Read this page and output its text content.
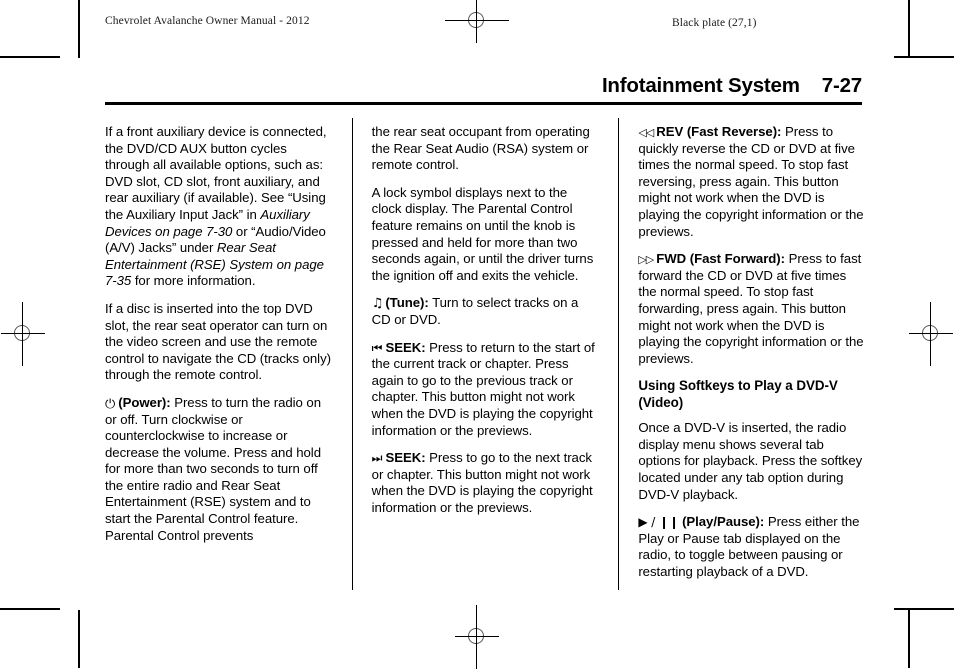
Chevrolet Avalanche Owner Manual - 2012	Black plate (27,1)
Infotainment System 7-27

If a front auxiliary device is connected, the DVD/CD AUX button cycles through all available options, such as: DVD slot, CD slot, front auxiliary, and rear auxiliary (if available). See “Using the Auxiliary Input Jack” in Auxiliary Devices on page 7-30 or “Audio/Video (A/V) Jacks” under Rear Seat Entertainment (RSE) System on page 7-35 for more information.

If a disc is inserted into the top DVD slot, the rear seat operator can turn on the video screen and use the remote control to navigate the CD (tracks only) through the remote control.

⏻ (Power): Press to turn the radio on or off. Turn clockwise or counterclockwise to increase or decrease the volume. Press and hold for more than two seconds to turn off the entire radio and Rear Seat Entertainment (RSE) system and to start the Parental Control feature. Parental Control prevents

the rear seat occupant from operating the Rear Seat Audio (RSA) system or remote control.

A lock symbol displays next to the clock display. The Parental Control feature remains on until the knob is pressed and held for more than two seconds again, or until the driver turns the ignition off and exits the vehicle.

♫ (Tune): Turn to select tracks on a CD or DVD.

⏮ SEEK: Press to return to the start of the current track or chapter. Press again to go to the previous track or chapter. This button might not work when the DVD is playing the copyright information or the previews.

⏭ SEEK: Press to go to the next track or chapter. This button might not work when the DVD is playing the copyright information or the previews.

◁◁ REV (Fast Reverse): Press to quickly reverse the CD or DVD at five times the normal speed. To stop fast reversing, press again. This button might not work when the DVD is playing the copyright information or the previews.

▷▷ FWD (Fast Forward): Press to fast forward the CD or DVD at five times the normal speed. To stop fast forwarding, press again. This button might not work when the DVD is playing the copyright information or the previews.

Using Softkeys to Play a DVD-V (Video)

Once a DVD-V is inserted, the radio display menu shows several tab options for playback. Press the softkey located under any tab option during DVD-V playback.

▶ / ❙❙ (Play/Pause): Press either the Play or Pause tab displayed on the radio, to toggle between pausing or restarting playback of a DVD.
